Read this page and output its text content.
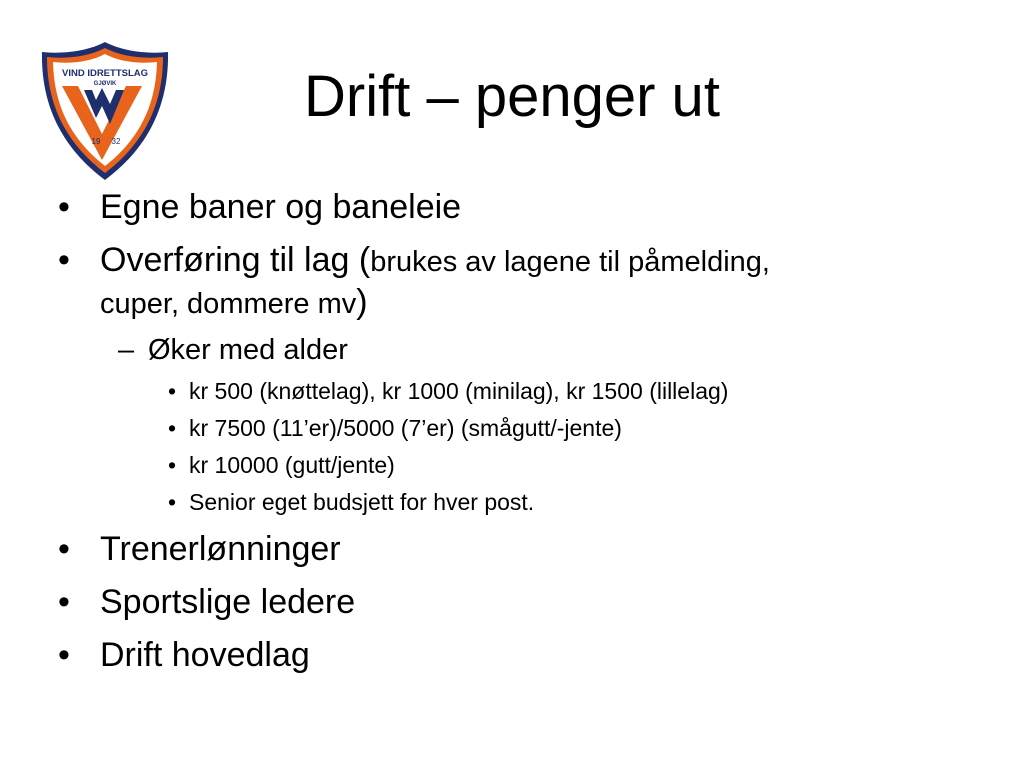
VIND IDRETTSLAG
GJØVIK
19 32
Drift – penger ut
• Egne baner og baneleie
• Overføring til lag (brukes av lagene til påmelding,
cuper, dommere mv)
– Øker med alder
• kr 500 (knøttelag), kr 1000 (minilag), kr 1500 (lillelag)
• kr 7500 (11’er)/5000 (7’er) (smågutt/-jente)
• kr 10000 (gutt/jente)
• Senior eget budsjett for hver post.
• Trenerlønninger
• Sportslige ledere
• Drift hovedlag
